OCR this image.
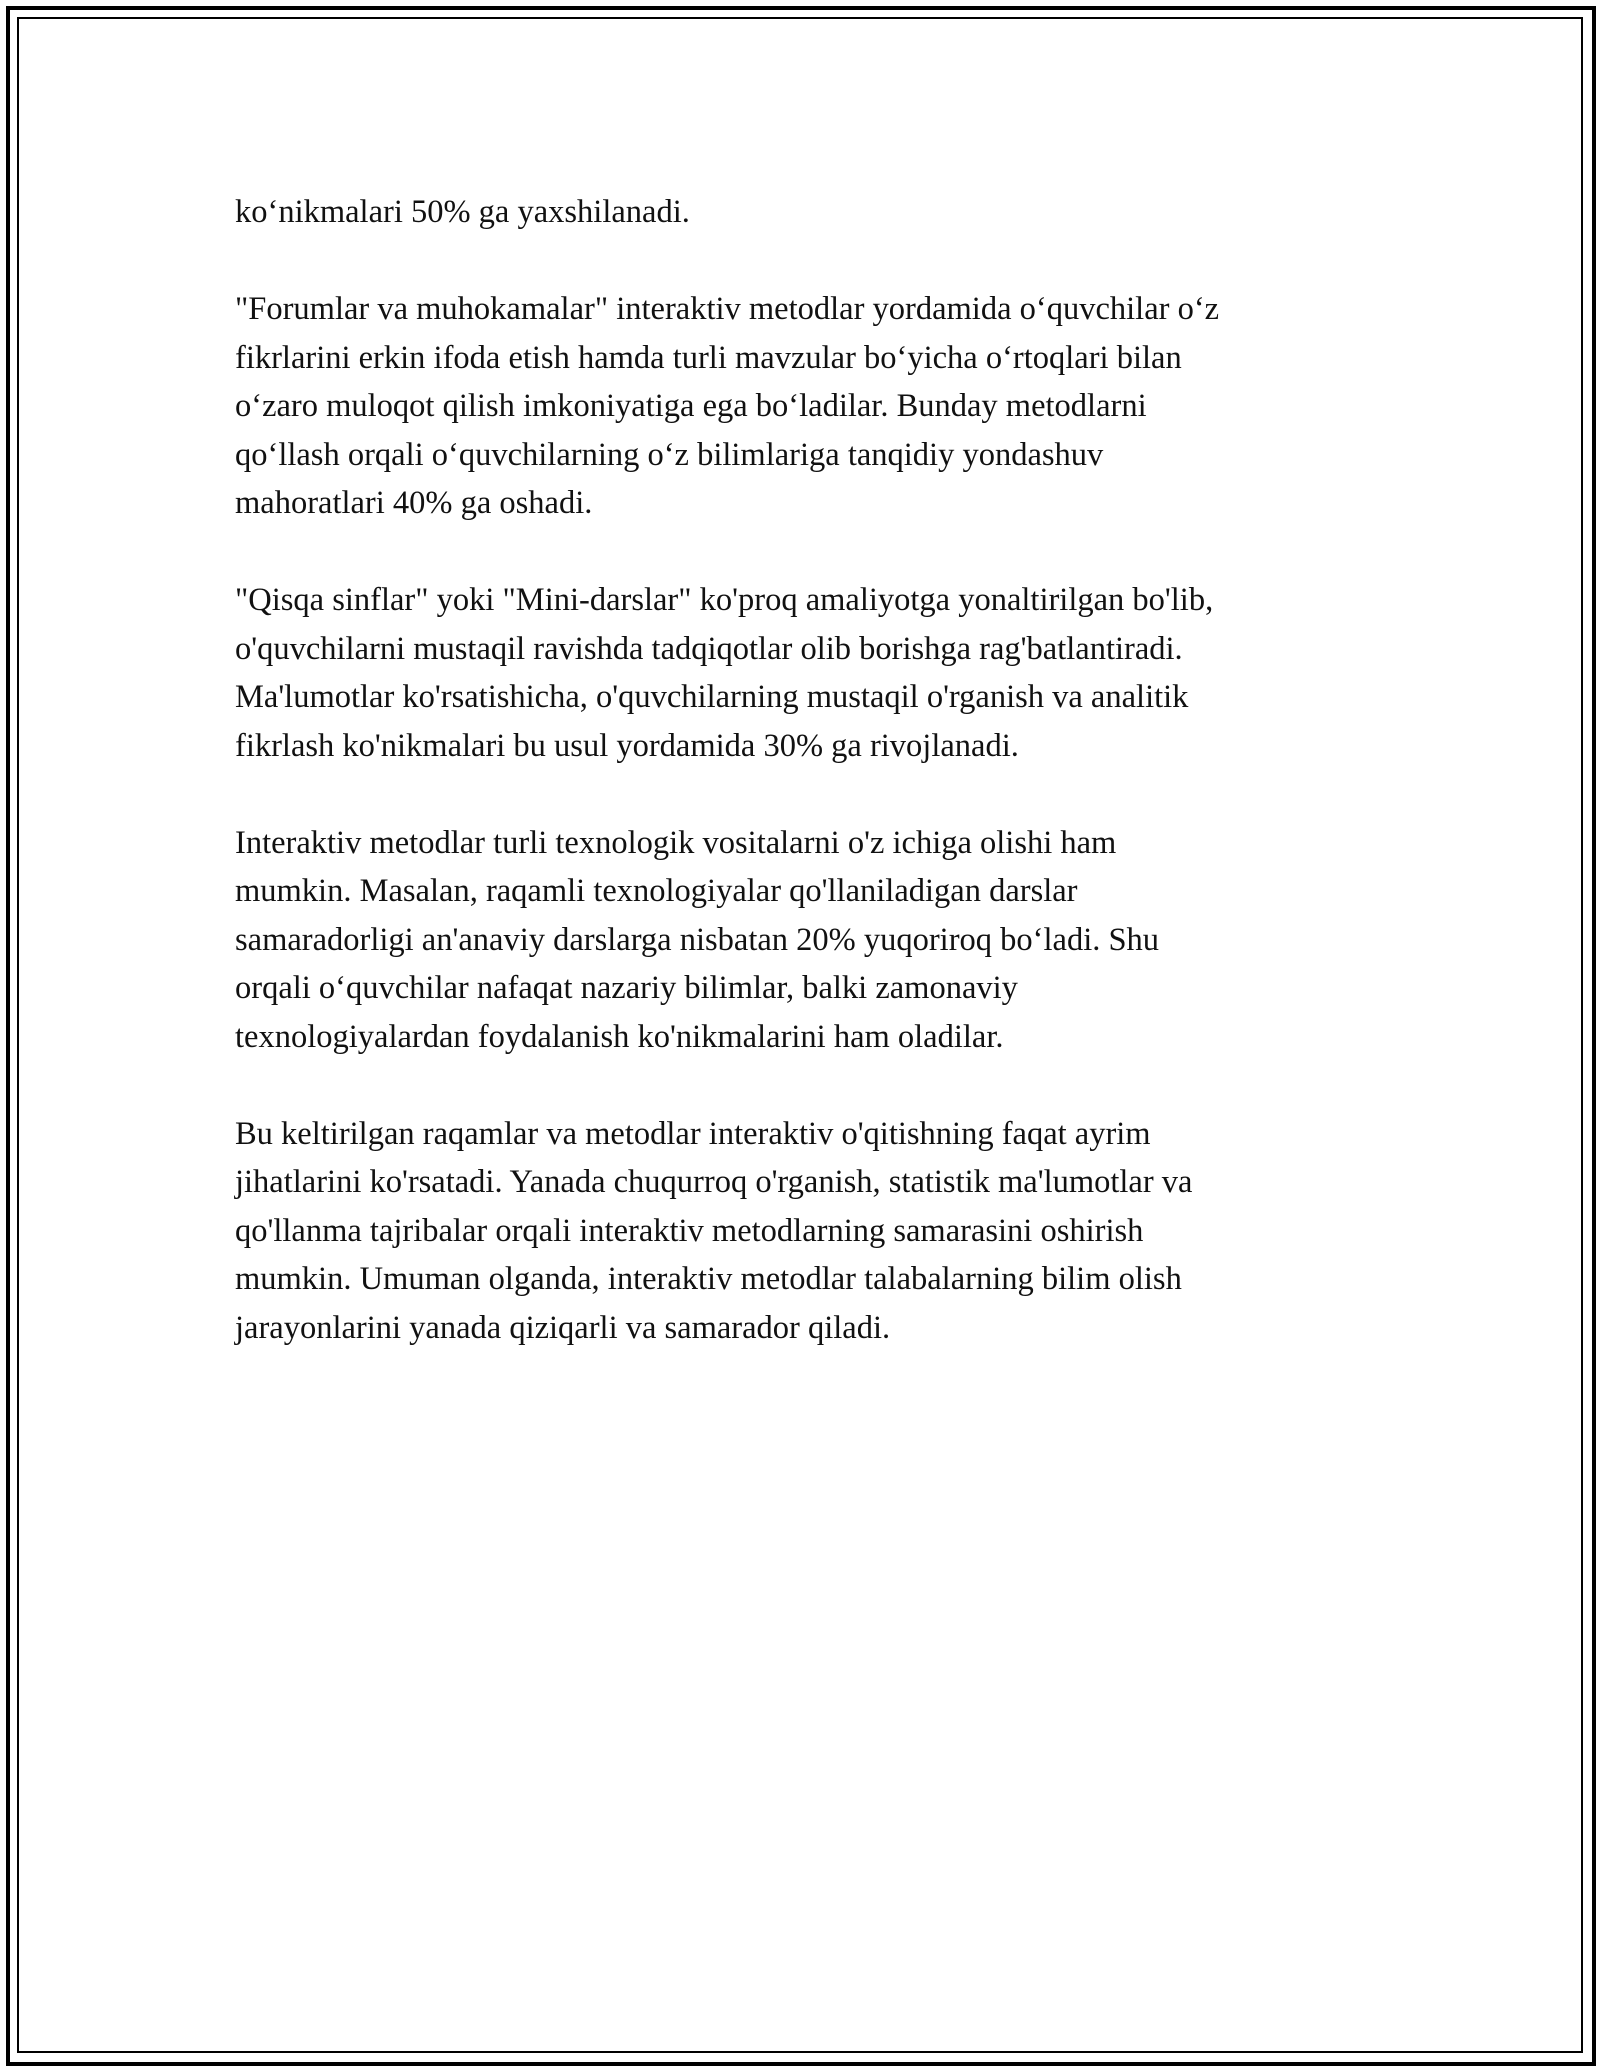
ko‘nikmalari 50% ga yaxshilanadi.

"Forumlar va muhokamalar" interaktiv metodlar yordamida o‘quvchilar o‘z
fikrlarini erkin ifoda etish hamda turli mavzular bo‘yicha o‘rtoqlari bilan
o‘zaro muloqot qilish imkoniyatiga ega bo‘ladilar. Bunday metodlarni
qo‘llash orqali o‘quvchilarning o‘z bilimlariga tanqidiy yondashuv
mahoratlari 40% ga oshadi.

"Qisqa sinflar" yoki "Mini-darslar" ko'proq amaliyotga yonaltirilgan bo'lib,
o'quvchilarni mustaqil ravishda tadqiqotlar olib borishga rag'batlantiradi.
Ma'lumotlar ko'rsatishicha, o'quvchilarning mustaqil o'rganish va analitik
fikrlash ko'nikmalari bu usul yordamida 30% ga rivojlanadi.

Interaktiv metodlar turli texnologik vositalarni o'z ichiga olishi ham
mumkin. Masalan, raqamli texnologiyalar qo'llaniladigan darslar
samaradorligi an'anaviy darslarga nisbatan 20% yuqoriroq bo‘ladi. Shu
orqali o‘quvchilar nafaqat nazariy bilimlar, balki zamonaviy
texnologiyalardan foydalanish ko'nikmalarini ham oladilar.

Bu keltirilgan raqamlar va metodlar interaktiv o'qitishning faqat ayrim
jihatlarini ko'rsatadi. Yanada chuqurroq o'rganish, statistik ma'lumotlar va
qo'llanma tajribalar orqali interaktiv metodlarning samarasini oshirish
mumkin. Umuman olganda, interaktiv metodlar talabalarning bilim olish
jarayonlarini yanada qiziqarli va samarador qiladi.
